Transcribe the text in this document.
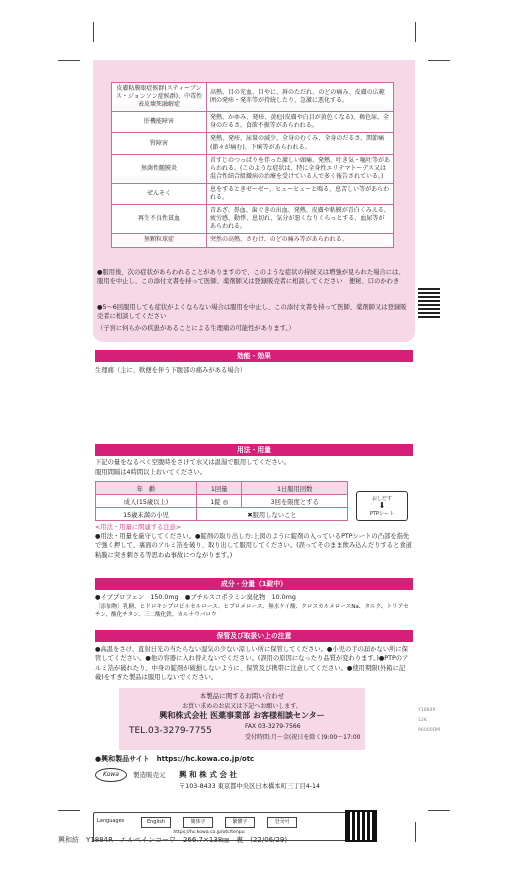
皮膚粘膜眼症候群(スティーブンス・ジョンソン症候群)、中毒性表皮壊死融解症	高熱、目の充血、目やに、唇のただれ、のどの痛み、皮膚の広範囲の発疹・発赤等が持続したり、急激に悪化する。
肝機能障害	発熱、かゆみ、発疹、黄疸(皮膚や白目が黄色くなる)、褐色尿、全身のだるさ、食欲不振等があらわれる。
腎障害	発熱、発疹、尿量の減少、全身のむくみ、全身のだるさ、関節痛(節々が痛む)、下痢等があらわれる。
無菌性髄膜炎	首すじのつっぱりを伴った激しい頭痛、発熱、吐き気・嘔吐等があらわれる。(このような症状は、特に全身性エリテマトーデス又は混合性結合組織病の治療を受けている人で多く報告されている。)
ぜんそく	息をするときゼーゼー、ヒューヒューと鳴る、息苦しい等があらわれる。
再生不良性貧血	青あざ、鼻血、歯ぐきの出血、発熱、皮膚や粘膜が青白くみえる、疲労感、動悸、息切れ、気分が悪くなりくらっとする、血尿等があらわれる。
無顆粒球症	突然の高熱、さむけ、のどの痛み等があらわれる。
●服用後、次の症状があらわれることがありますので、このような症状の持続又は増強が見られた場合には、服用を中止し、この添付文書を持って医師、薬剤師又は登録販売者に相談してください　便秘、口のかわき
●5～6回服用しても症状がよくならない場合は服用を中止し、この添付文書を持って医師、薬剤師又は登録販売者に相談してください
（子宮に何らかの疾患があることによる生理痛の可能性があります。）
効能・効果
生理痛（主に、軟便を伴う下腹部の痛みがある場合）
用法・用量
下記の量をなるべく空腹時をさけて水又は温湯で服用してください。
服用間隔は4時間以上おいてください。
年　齢	1回量	1日服用回数
成人(15歳以上)	1錠 ◎	3回を限度とする
15歳未満の小児	✖服用しないこと	
おしだす
⬇
PTPシート
<用法・用量に関連する注意>
●用法・用量を厳守してください。●錠剤の取り出し方:上図のように錠剤の入っているPTPシートの凸部を指先で強く押して、裏面のアルミ箔を破り、取り出して服用してください。(誤ってそのまま飲み込んだりすると食道粘膜に突き刺さる等思わぬ事故につながります。)
成分・分量（1錠中）
●イブプロフェン　150.0mg　●ブチルスコポラミン臭化物　10.0mg
〔添加物〕乳糖、ヒドロキシプロピルセルロース、ヒプロメロース、無水ケイ酸、クロスカルメロースNa、タルク、トリアセチン、酸化チタン、三二酸化鉄、カルナウバロウ
保管及び取扱い上の注意
●高温をさけ、直射日光の当たらない湿気の少ない涼しい所に保管してください。●小児の手の届かない所に保管してください。●他の容器に入れ替えないでください。(誤用の原因になったり品質が変わります。)●PTPのアルミ箔が破れたり、中身の錠剤が破損しないように、保管及び携帯に注意してください。●使用期限(外箱に記載)をすぎた製品は服用しないでください。
本製品に関するお問い合わせ
お買い求めのお店又は下記へお願いします。
興和株式会社 医薬事業部 お客様相談センター
TEL.03-3279-7755	FAX 03-3279-7566
受付時間:月～金(祝日を除く)9:00～17:00
●興和製品サイト　https://hc.kowa.co.jp/otc
Kowa	製造販売元 興 和 株 式 会 社
〒103-8433 東京都中央区日本橋本町三丁目4-14
Languages	English	簡体字	繁體字	한국어
https://hc.kowa.co.jp/otc/tenpu
Y1884R
12K
96000DM
興和紡　Y1884R　エルペインコーワ　266.7×138㎜　裏　(22/06/29)
